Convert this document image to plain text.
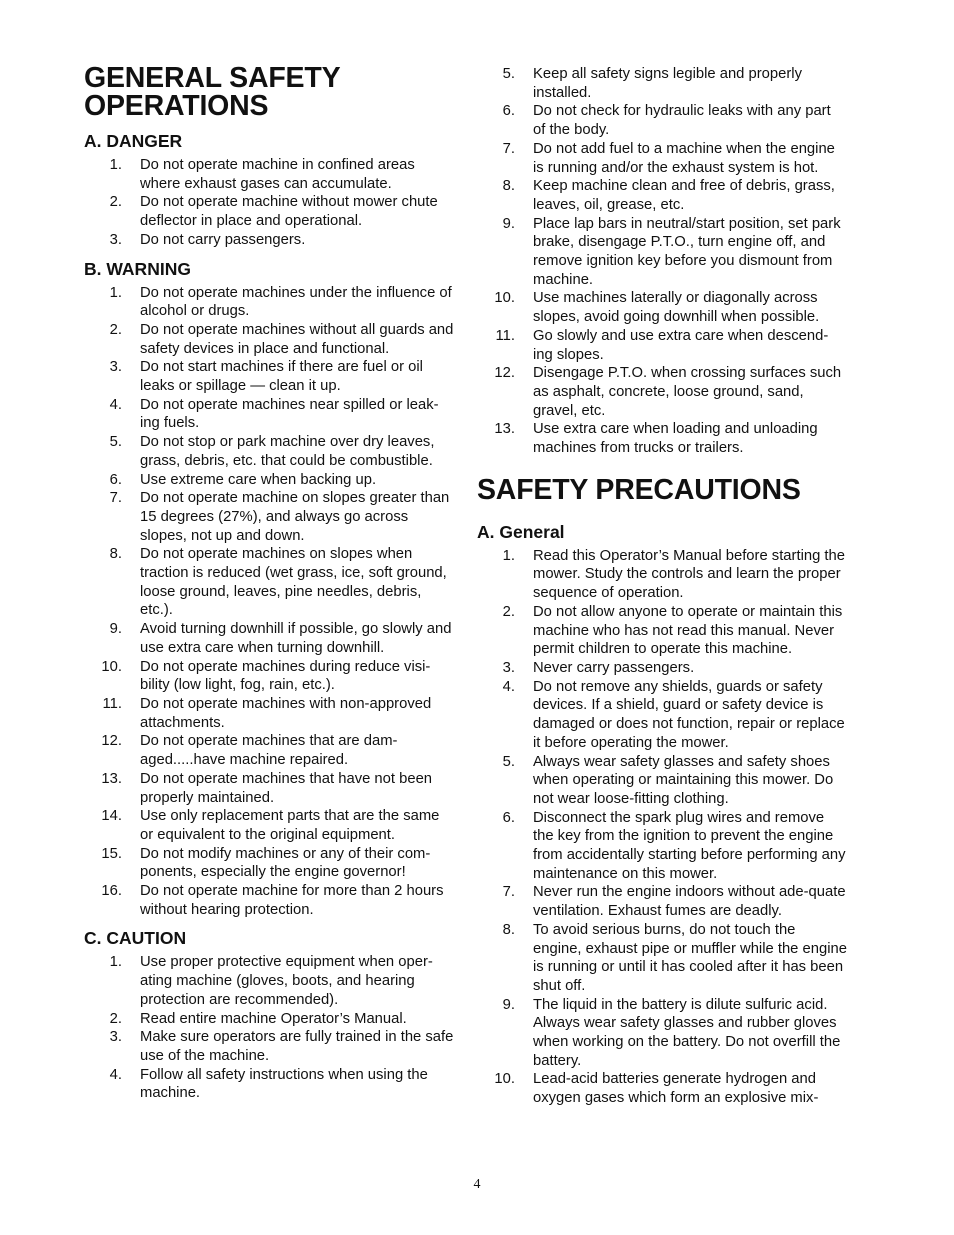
GENERAL SAFETY
OPERATIONS
A. DANGER
1. Do not operate machine in confined areas where exhaust gases can accumulate.
2. Do not operate machine without mower chute deflector in place and operational.
3. Do not carry passengers.
B. WARNING
1. Do not operate machines under the influence of alcohol or drugs.
2. Do not operate machines without all guards and safety devices in place and functional.
3. Do not start machines if there are fuel or oil leaks or spillage — clean it up.
4. Do not operate machines near spilled or leak-ing fuels.
5. Do not stop or park machine over dry leaves, grass, debris, etc. that could be combustible.
6. Use extreme care when backing up.
7. Do not operate machine on slopes greater than 15 degrees (27%), and always go across slopes, not up and down.
8. Do not operate machines on slopes when traction is reduced (wet grass, ice, soft ground, loose ground, leaves, pine needles, debris, etc.).
9. Avoid turning downhill if possible, go slowly and use extra care when turning downhill.
10. Do not operate machines during reduce visi-bility (low light, fog, rain, etc.).
11. Do not operate machines with non-approved attachments.
12. Do not operate machines that are dam-aged.....have machine repaired.
13. Do not operate machines that have not been properly maintained.
14. Use only replacement parts that are the same or equivalent to the original equipment.
15. Do not modify machines or any of their com-ponents, especially the engine governor!
16. Do not operate machine for more than 2 hours without hearing protection.
C. CAUTION
1. Use proper protective equipment when oper-ating machine (gloves, boots, and hearing protection are recommended).
2. Read entire machine Operator’s Manual.
3. Make sure operators are fully trained in the safe use of the machine.
4. Follow all safety instructions when using the machine.
5. Keep all safety signs legible and properly installed.
6. Do not check for hydraulic leaks with any part of the body.
7. Do not add fuel to a machine when the engine is running and/or the exhaust system is hot.
8. Keep machine clean and free of debris, grass, leaves, oil, grease, etc.
9. Place lap bars in neutral/start position, set park brake, disengage P.T.O., turn engine off, and remove ignition key before you dismount from machine.
10. Use machines laterally or diagonally across slopes, avoid going downhill when possible.
11. Go slowly and use extra care when descend-ing slopes.
12. Disengage P.T.O. when crossing surfaces such as asphalt, concrete, loose ground, sand, gravel, etc.
13. Use extra care when loading and unloading machines from trucks or trailers.
SAFETY PRECAUTIONS
A. General
1. Read this Operator’s Manual before starting the mower. Study the controls and learn the proper sequence of operation.
2. Do not allow anyone to operate or maintain this machine who has not read this manual. Never permit children to operate this machine.
3. Never carry passengers.
4. Do not remove any shields, guards or safety devices. If a shield, guard or safety device is damaged or does not function, repair or replace it before operating the mower.
5. Always wear safety glasses and safety shoes when operating or maintaining this mower. Do not wear loose-fitting clothing.
6. Disconnect the spark plug wires and remove the key from the ignition to prevent the engine from accidentally starting before performing any maintenance on this mower.
7. Never run the engine indoors without ade-quate ventilation. Exhaust fumes are deadly.
8. To avoid serious burns, do not touch the engine, exhaust pipe or muffler while the engine is running or until it has cooled after it has been shut off.
9. The liquid in the battery is dilute sulfuric acid. Always wear safety glasses and rubber gloves when working on the battery. Do not overfill the battery.
10. Lead-acid batteries generate hydrogen and oxygen gases which form an explosive mix-
4
